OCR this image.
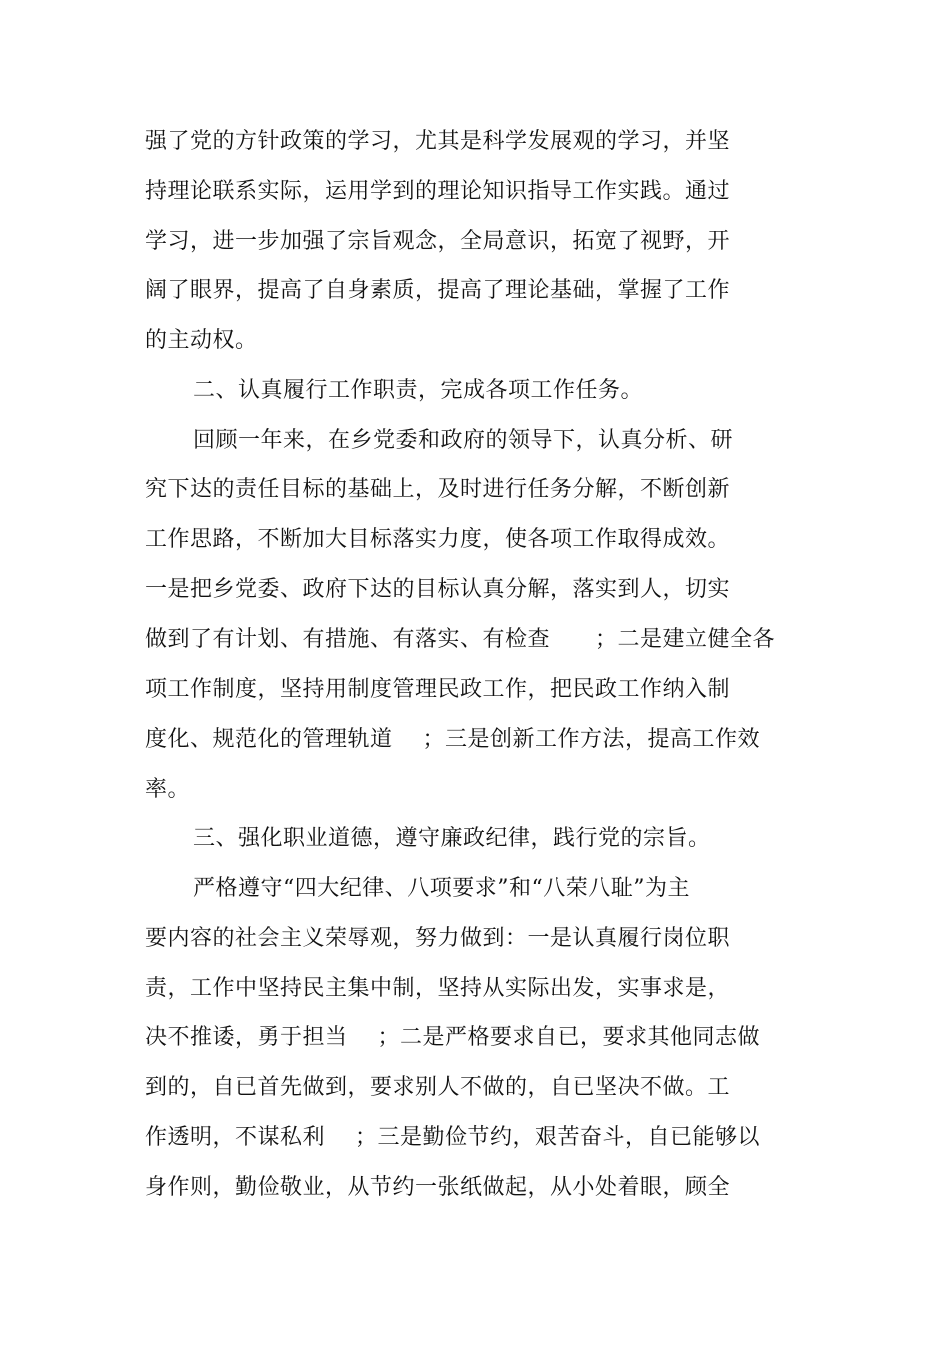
强了党的方针政策的学习，尤其是科学发展观的学习，并坚
持理论联系实际，运用学到的理论知识指导工作实践。通过
学习，进一步加强了宗旨观念，全局意识，拓宽了视野，开
阔了眼界，提高了自身素质，提高了理论基础，掌握了工作
的主动权。
二、认真履行工作职责，完成各项工作任务。
回顾一年来，在乡党委和政府的领导下，认真分析、研
究下达的责任目标的基础上，及时进行任务分解，不断创新
工作思路，不断加大目标落实力度，使各项工作取得成效。
一是把乡党委、政府下达的目标认真分解，落实到人，切实
做到了有计划、有措施、有落实、有检查      ；二是建立健全各
项工作制度，坚持用制度管理民政工作，把民政工作纳入制
度化、规范化的管理轨道    ；三是创新工作方法，提高工作效
率。
三、强化职业道德，遵守廉政纪律，践行党的宗旨。
严格遵守“四大纪律、八项要求”和“八荣八耻”为主
要内容的社会主义荣辱观，努力做到：一是认真履行岗位职
责，工作中坚持民主集中制，坚持从实际出发，实事求是，
决不推诿，勇于担当    ；二是严格要求自已，要求其他同志做
到的，自已首先做到，要求别人不做的，自已坚决不做。工
作透明，不谋私利    ；三是勤俭节约，艰苦奋斗，自已能够以
身作则，勤俭敬业，从节约一张纸做起，从小处着眼，顾全
